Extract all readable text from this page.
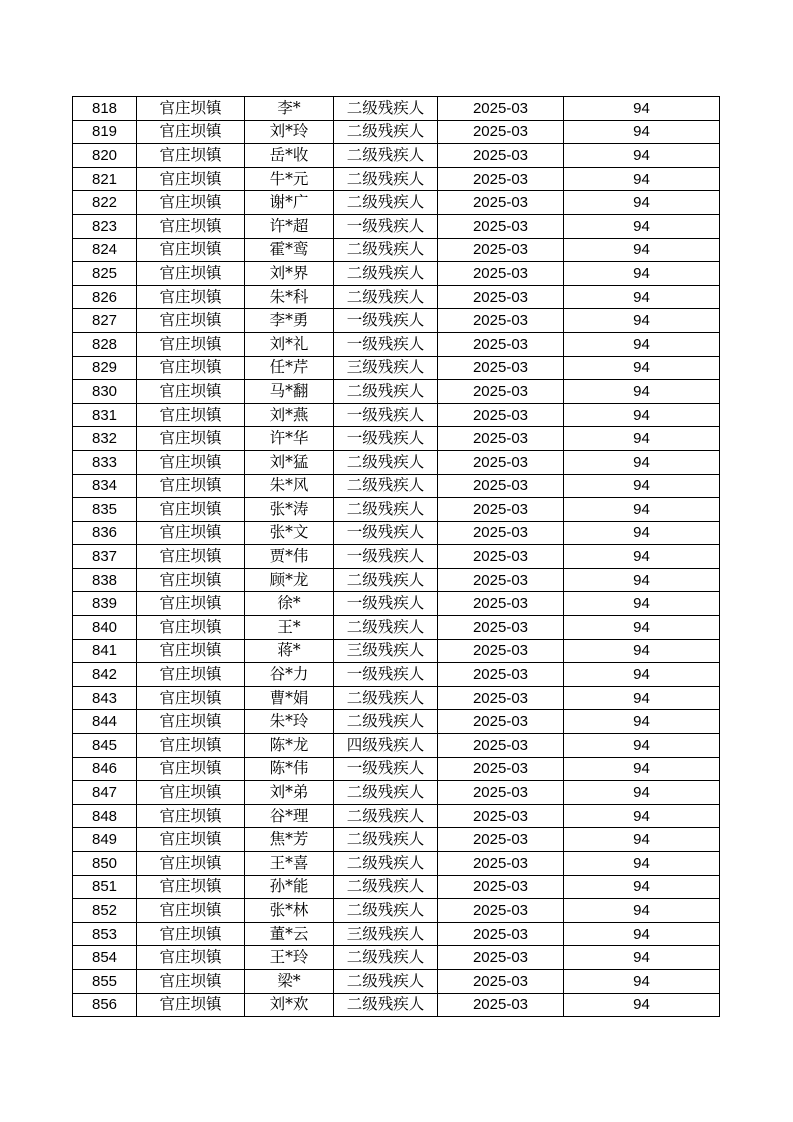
818	官庄坝镇	李*	二级残疾人	2025-03	94
819	官庄坝镇	刘*玲	二级残疾人	2025-03	94
820	官庄坝镇	岳*收	二级残疾人	2025-03	94
821	官庄坝镇	牛*元	二级残疾人	2025-03	94
822	官庄坝镇	谢*广	二级残疾人	2025-03	94
823	官庄坝镇	许*超	一级残疾人	2025-03	94
824	官庄坝镇	霍*鸾	二级残疾人	2025-03	94
825	官庄坝镇	刘*界	二级残疾人	2025-03	94
826	官庄坝镇	朱*科	二级残疾人	2025-03	94
827	官庄坝镇	李*勇	一级残疾人	2025-03	94
828	官庄坝镇	刘*礼	一级残疾人	2025-03	94
829	官庄坝镇	任*芹	三级残疾人	2025-03	94
830	官庄坝镇	马*翻	二级残疾人	2025-03	94
831	官庄坝镇	刘*燕	一级残疾人	2025-03	94
832	官庄坝镇	许*华	一级残疾人	2025-03	94
833	官庄坝镇	刘*猛	二级残疾人	2025-03	94
834	官庄坝镇	朱*风	二级残疾人	2025-03	94
835	官庄坝镇	张*涛	二级残疾人	2025-03	94
836	官庄坝镇	张*文	一级残疾人	2025-03	94
837	官庄坝镇	贾*伟	一级残疾人	2025-03	94
838	官庄坝镇	顾*龙	二级残疾人	2025-03	94
839	官庄坝镇	徐*	一级残疾人	2025-03	94
840	官庄坝镇	王*	二级残疾人	2025-03	94
841	官庄坝镇	蒋*	三级残疾人	2025-03	94
842	官庄坝镇	谷*力	一级残疾人	2025-03	94
843	官庄坝镇	曹*娟	二级残疾人	2025-03	94
844	官庄坝镇	朱*玲	二级残疾人	2025-03	94
845	官庄坝镇	陈*龙	四级残疾人	2025-03	94
846	官庄坝镇	陈*伟	一级残疾人	2025-03	94
847	官庄坝镇	刘*弟	二级残疾人	2025-03	94
848	官庄坝镇	谷*理	二级残疾人	2025-03	94
849	官庄坝镇	焦*芳	二级残疾人	2025-03	94
850	官庄坝镇	王*喜	二级残疾人	2025-03	94
851	官庄坝镇	孙*能	二级残疾人	2025-03	94
852	官庄坝镇	张*林	二级残疾人	2025-03	94
853	官庄坝镇	董*云	三级残疾人	2025-03	94
854	官庄坝镇	王*玲	二级残疾人	2025-03	94
855	官庄坝镇	梁*	二级残疾人	2025-03	94
856	官庄坝镇	刘*欢	二级残疾人	2025-03	94
